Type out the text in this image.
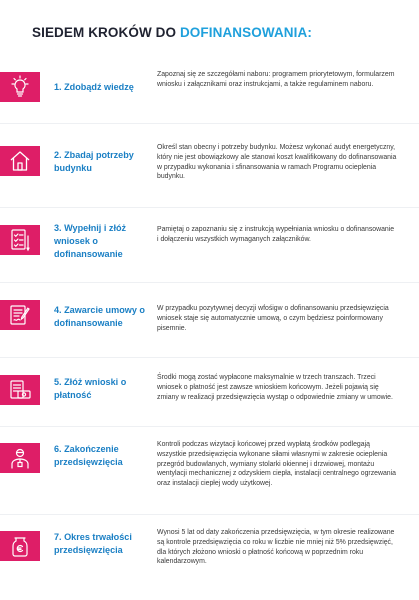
SIEDEM KROKÓW DO DOFINANSOWANIA:
1. Zdobądź wiedzę
Zapoznaj się ze szczegółami naboru: programem priorytetowym, formularzem wniosku i załącznikami oraz instrukcjami, a także regulaminem naboru.
2. Zbadaj potrzeby budynku
Określ stan obecny i potrzeby budynku. Możesz wykonać audyt energetyczny, który nie jest obowiązkowy ale stanowi koszt kwalifikowany do dofinansowania w przypadku wykonania i sfinansowania w ramach Programu ocieplenia budynku.
3. Wypełnij i złóż wniosek o dofinansowanie
Pamiętaj o zapoznaniu się z instrukcją wypełniania wniosku o dofinansowanie i dołączeniu wszystkich wymaganych załączników.
4. Zawarcie umowy o dofinansowanie
W przypadku pozytywnej decyzji wfośigw o dofinansowaniu przedsięwzięcia wniosek staje się automatycznie umową, o czym będziesz poinformowany pisemnie.
5. Złóż wnioski o płatność
Środki mogą zostać wypłacone maksymalnie w trzech transzach. Trzeci wniosek o płatność jest zawsze wnioskiem końcowym. Jeżeli pojawią się zmiany w realizacji przedsięwzięcia wystąp o odpowiednie zmiany w umowie.
6. Zakończenie przedsięwzięcia
Kontroli podczas wizytacji końcowej przed wypłatą środków podlegają wszystkie przedsięwzięcia wykonane siłami własnymi w zakresie ocieplenia przegród budowlanych, wymiany stolarki okiennej i drzwiowej, montażu wentylacji mechanicznej z odzyskiem ciepła, instalacji centralnego ogrzewania oraz instalacji ciepłej wody użytkowej.
7. Okres trwałości przedsięwzięcia
Wynosi 5 lat od daty zakończenia przedsięwzięcia, w tym okresie realizowane są kontrole przedsięwzięcia co roku w liczbie nie mniej niż 5% przedsięwzięć, dla których złożono wnioski o płatność końcową w poprzednim roku kalendarzowym.
